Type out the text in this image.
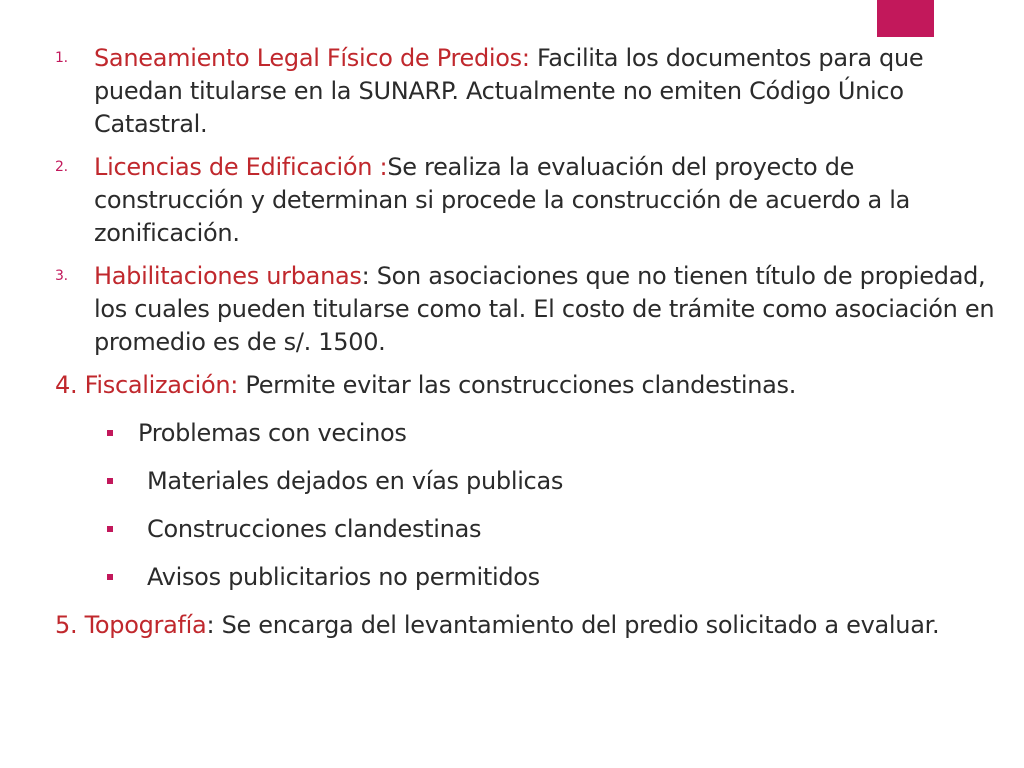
1. Saneamiento Legal Físico de Predios: Facilita los documentos para que puedan titularse en la SUNARP. Actualmente no emiten Código Único Catastral.
2. Licencias de Edificación :Se realiza la evaluación del proyecto de construcción y determinan si procede la construcción de acuerdo a la zonificación.
3. Habilitaciones urbanas: Son asociaciones que no tienen título de propiedad, los cuales pueden titularse como tal. El costo de trámite como asociación en promedio es de s/. 1500.
4. Fiscalización: Permite evitar las construcciones clandestinas.
Problemas con vecinos
Materiales dejados en vías publicas
Construcciones clandestinas
Avisos publicitarios no permitidos
5. Topografía: Se encarga del levantamiento del predio solicitado a evaluar.
